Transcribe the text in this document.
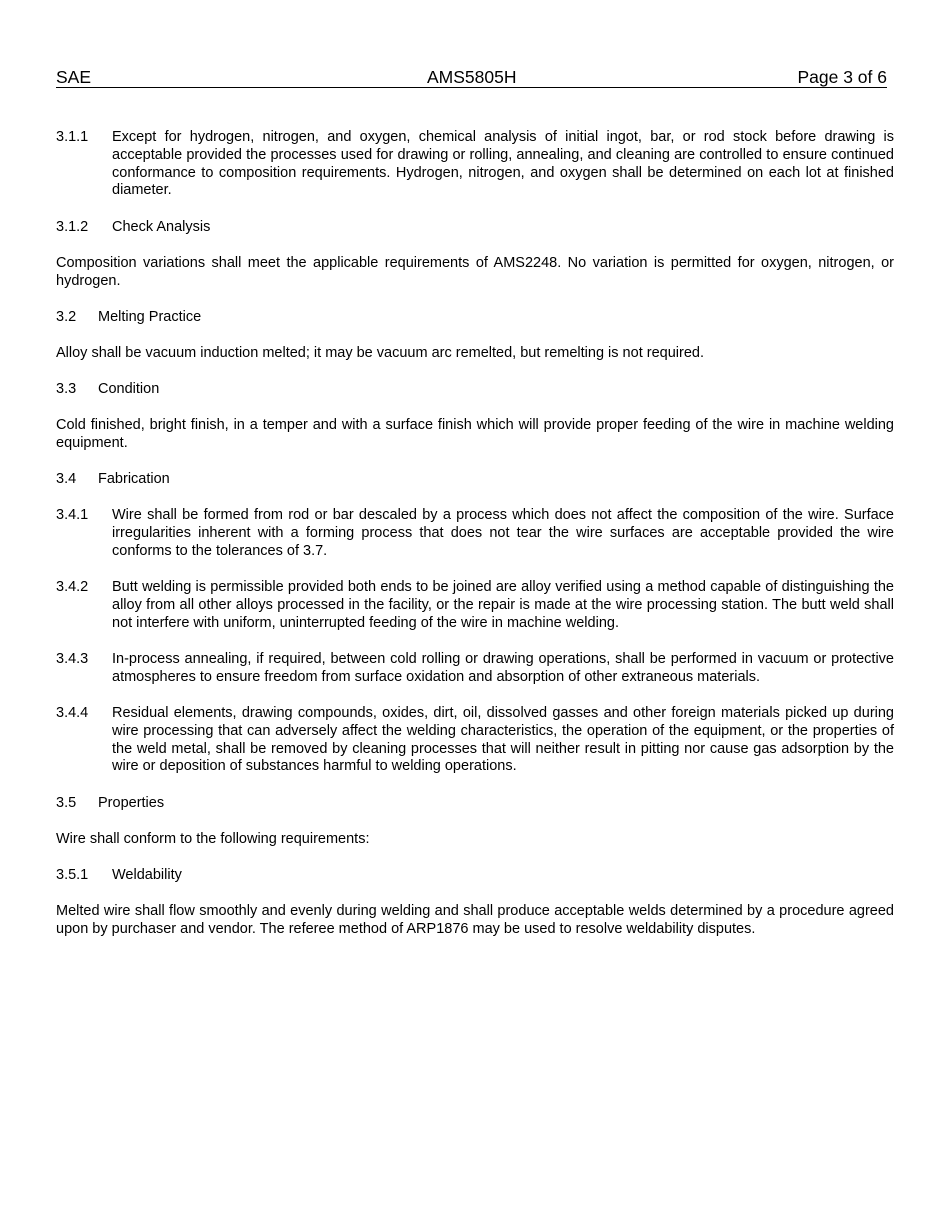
SAE	AMS5805H	Page 3 of 6
3.1.1	Except for hydrogen, nitrogen, and oxygen, chemical analysis of initial ingot, bar, or rod stock before drawing is acceptable provided the processes used for drawing or rolling, annealing, and cleaning are controlled to ensure continued conformance to composition requirements. Hydrogen, nitrogen, and oxygen shall be determined on each lot at finished diameter.
3.1.2	Check Analysis
Composition variations shall meet the applicable requirements of AMS2248. No variation is permitted for oxygen, nitrogen, or hydrogen.
3.2	Melting Practice
Alloy shall be vacuum induction melted; it may be vacuum arc remelted, but remelting is not required.
3.3	Condition
Cold finished, bright finish, in a temper and with a surface finish which will provide proper feeding of the wire in machine welding equipment.
3.4	Fabrication
3.4.1	Wire shall be formed from rod or bar descaled by a process which does not affect the composition of the wire. Surface irregularities inherent with a forming process that does not tear the wire surfaces are acceptable provided the wire conforms to the tolerances of 3.7.
3.4.2	Butt welding is permissible provided both ends to be joined are alloy verified using a method capable of distinguishing the alloy from all other alloys processed in the facility, or the repair is made at the wire processing station. The butt weld shall not interfere with uniform, uninterrupted feeding of the wire in machine welding.
3.4.3	In-process annealing, if required, between cold rolling or drawing operations, shall be performed in vacuum or protective atmospheres to ensure freedom from surface oxidation and absorption of other extraneous materials.
3.4.4	Residual elements, drawing compounds, oxides, dirt, oil, dissolved gasses and other foreign materials picked up during wire processing that can adversely affect the welding characteristics, the operation of the equipment, or the properties of the weld metal, shall be removed by cleaning processes that will neither result in pitting nor cause gas adsorption by the wire or deposition of substances harmful to welding operations.
3.5	Properties
Wire shall conform to the following requirements:
3.5.1	Weldability
Melted wire shall flow smoothly and evenly during welding and shall produce acceptable welds determined by a procedure agreed upon by purchaser and vendor. The referee method of ARP1876 may be used to resolve weldability disputes.
